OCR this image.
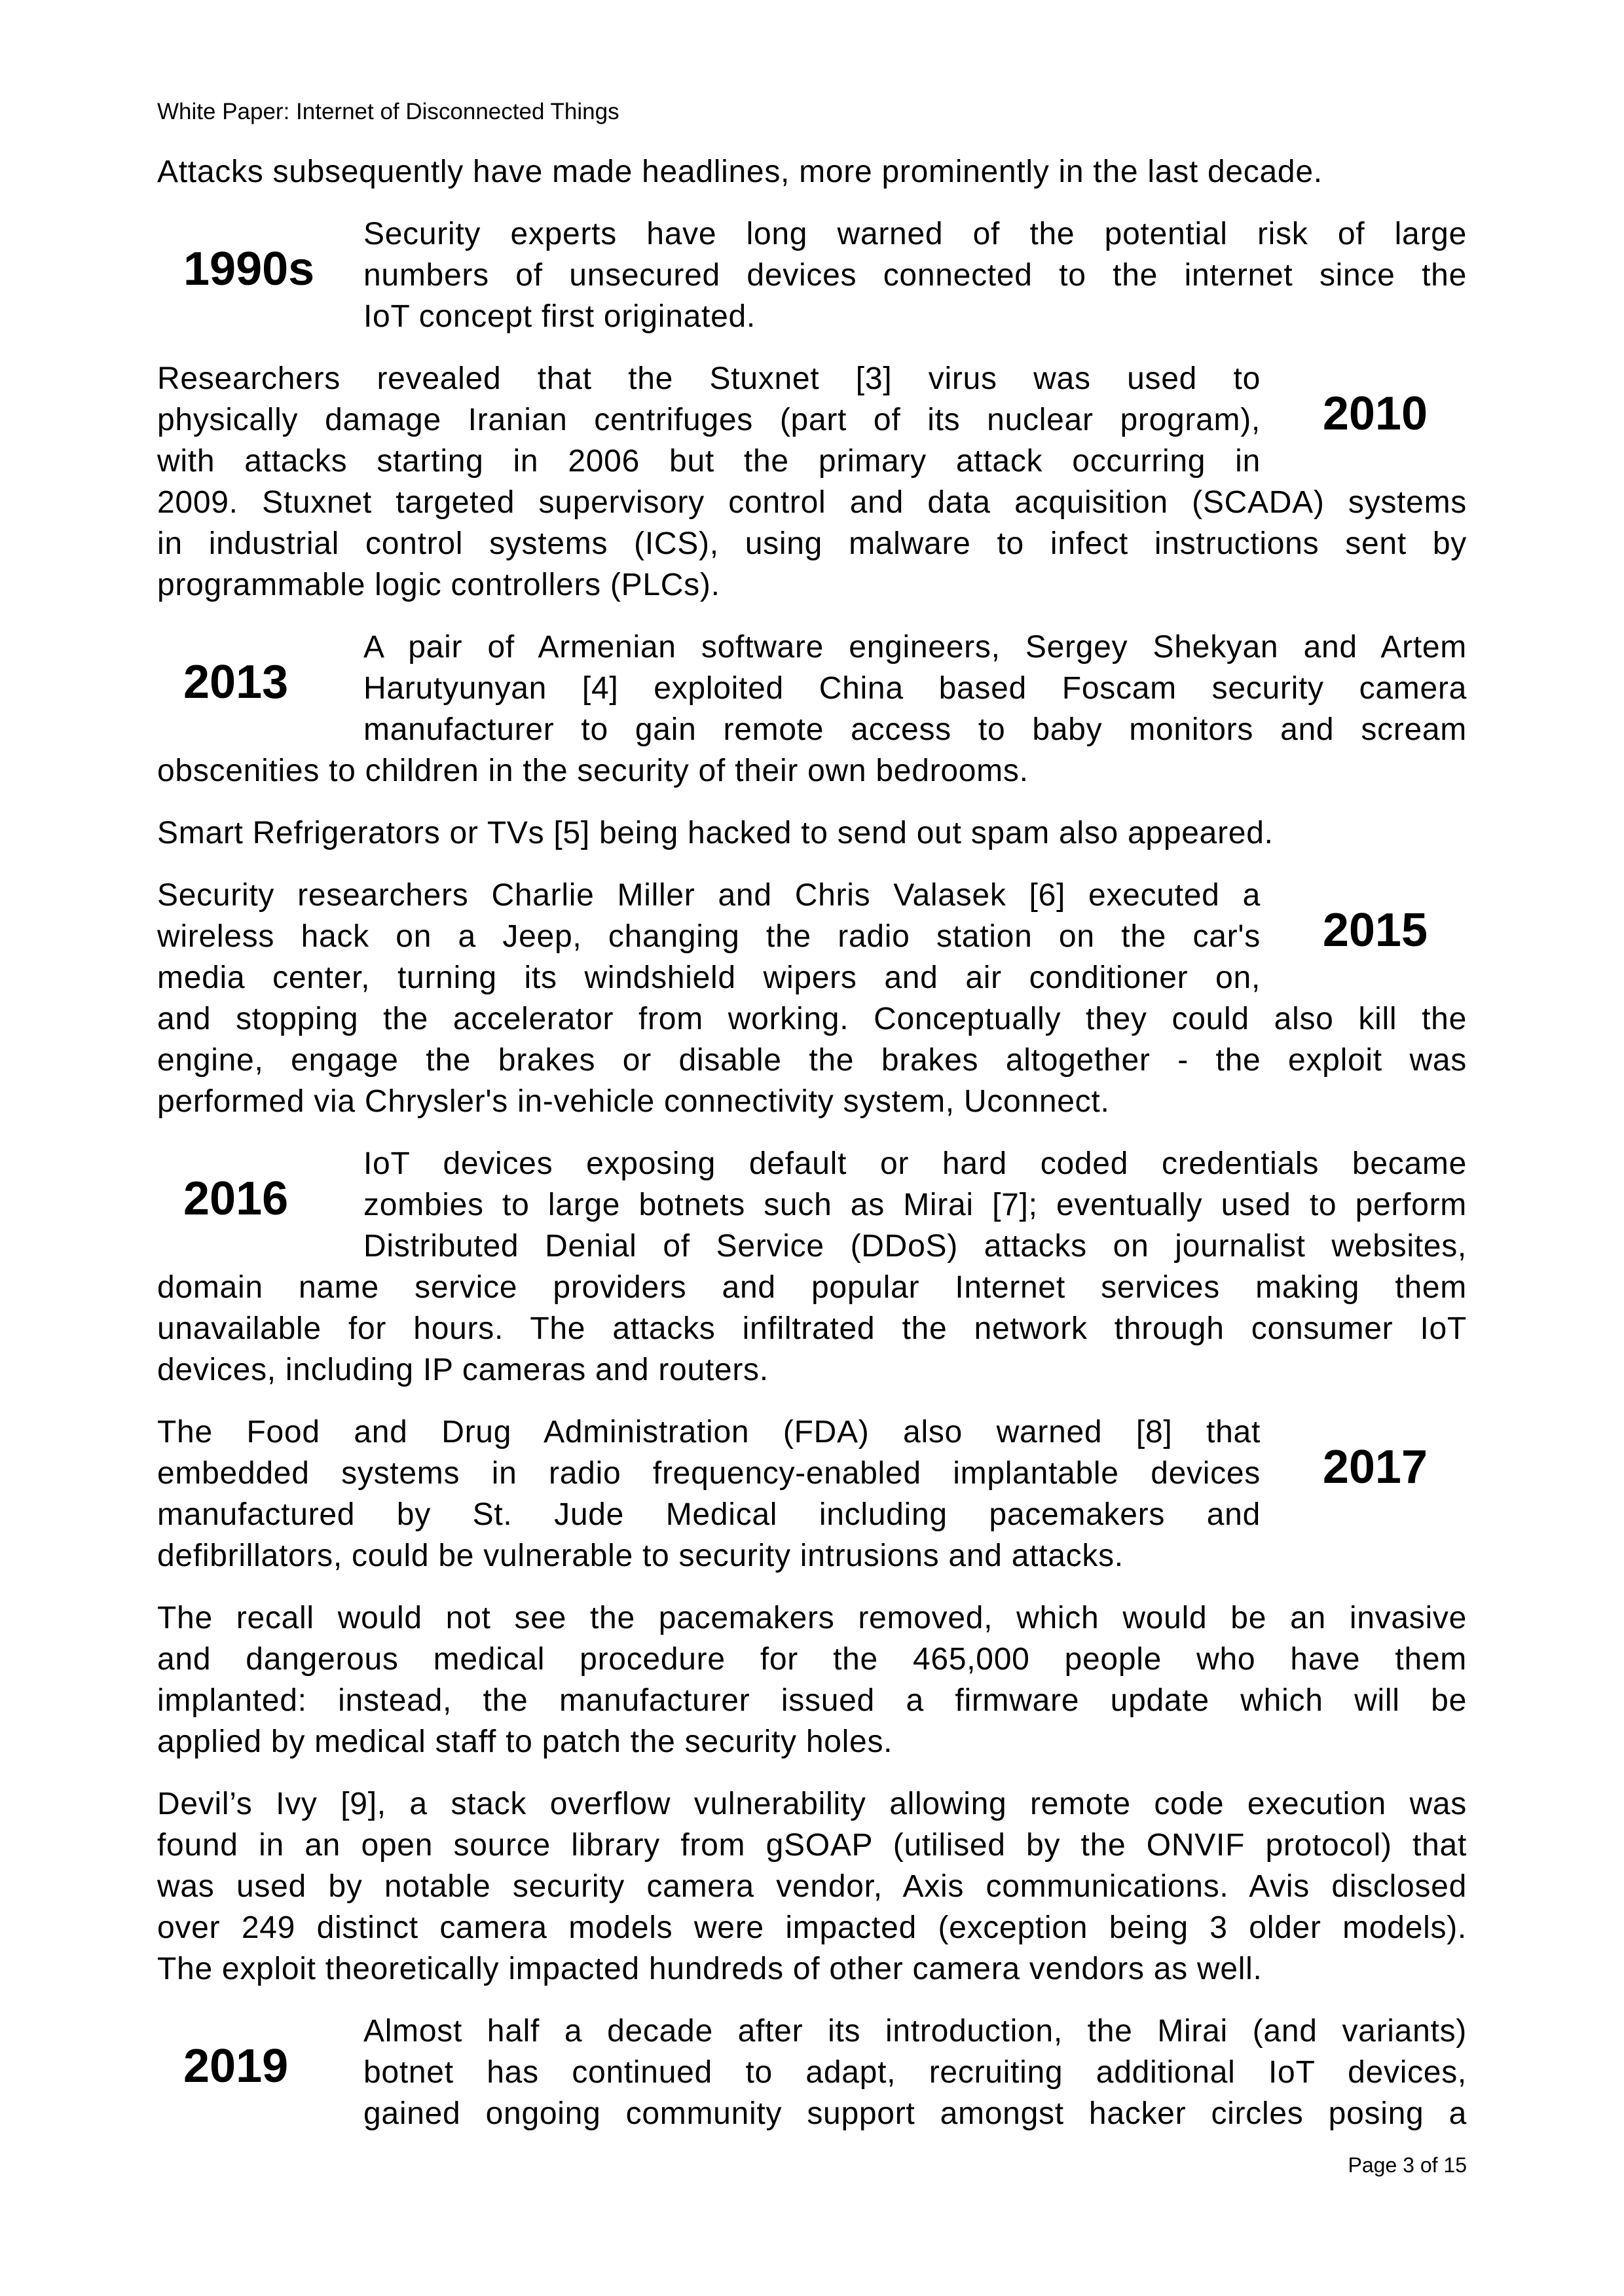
White Paper: Internet of Disconnected Things
Attacks subsequently have made headlines, more prominently in the last decade.
1990s
Security experts have long warned of the potential risk of large
numbers of unsecured devices connected to the internet since the
IoT concept first originated.
2010
Researchers revealed that the Stuxnet [3] virus was used to
physically damage Iranian centrifuges (part of its nuclear program),
with attacks starting in 2006 but the primary attack occurring in
2009. Stuxnet targeted supervisory control and data acquisition (SCADA) systems
in industrial control systems (ICS), using malware to infect instructions sent by
programmable logic controllers (PLCs).
2013
A pair of Armenian software engineers, Sergey Shekyan and Artem
Harutyunyan [4] exploited China based Foscam security camera
manufacturer to gain remote access to baby monitors and scream
obscenities to children in the security of their own bedrooms.
Smart Refrigerators or TVs [5] being hacked to send out spam also appeared.
2015
Security researchers Charlie Miller and Chris Valasek [6] executed a
wireless hack on a Jeep, changing the radio station on the car's
media center, turning its windshield wipers and air conditioner on,
and stopping the accelerator from working. Conceptually they could also kill the
engine, engage the brakes or disable the brakes altogether - the exploit was
performed via Chrysler's in-vehicle connectivity system, Uconnect.
2016
IoT devices exposing default or hard coded credentials became
zombies to large botnets such as Mirai [7]; eventually used to perform
Distributed Denial of Service (DDoS) attacks on journalist websites,
domain name service providers and popular Internet services making them
unavailable for hours. The attacks infiltrated the network through consumer IoT
devices, including IP cameras and routers.
2017
The Food and Drug Administration (FDA) also warned [8] that
embedded systems in radio frequency-enabled implantable devices
manufactured by St. Jude Medical including pacemakers and
defibrillators, could be vulnerable to security intrusions and attacks.
The recall would not see the pacemakers removed, which would be an invasive
and dangerous medical procedure for the 465,000 people who have them
implanted: instead, the manufacturer issued a firmware update which will be
applied by medical staff to patch the security holes.
Devil’s Ivy [9], a stack overflow vulnerability allowing remote code execution was
found in an open source library from gSOAP (utilised by the ONVIF protocol) that
was used by notable security camera vendor, Axis communications. Avis disclosed
over 249 distinct camera models were impacted (exception being 3 older models).
The exploit theoretically impacted hundreds of other camera vendors as well.
2019
Almost half a decade after its introduction, the Mirai (and variants)
botnet has continued to adapt, recruiting additional IoT devices,
gained ongoing community support amongst hacker circles posing a
Page 3 of 15
